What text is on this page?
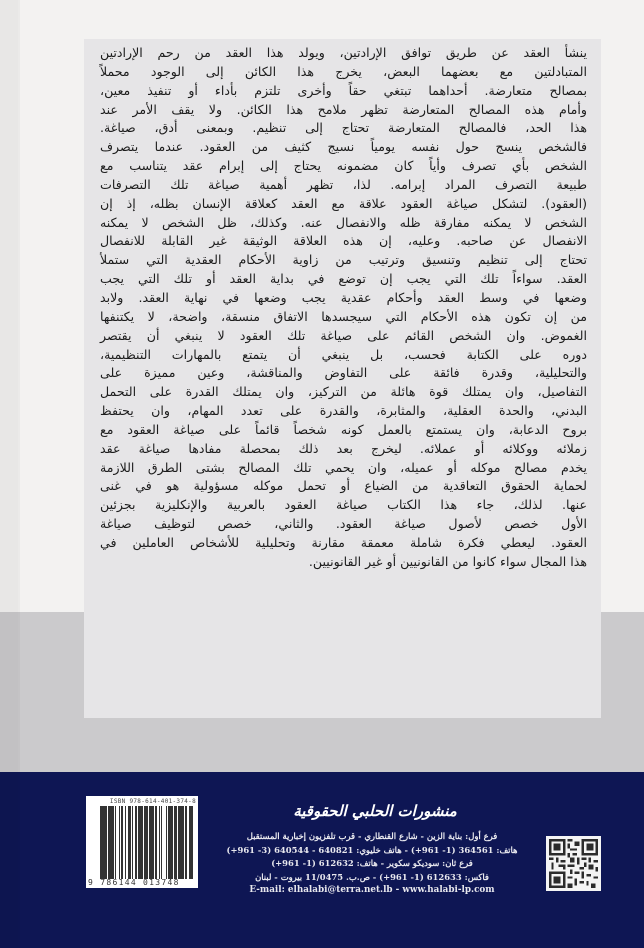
ينشأ العقد عن طريق توافق الإرادتين، ويولد هذا العقد من رحم الإرادتين
المتبادلتين مع بعضهما البعض، يخرج هذا الكائن إلى الوجود محملاً
بمصالح متعارضة. أحداهما تبتغي حقاً وأخرى تلتزم بأداء أو تنفيذ معين،
وأمام هذه المصالح المتعارضة تظهر ملامح هذا الكائن. ولا يقف الأمر عند
هذا الحد، فالمصالح المتعارضة تحتاج إلى تنظيم. وبمعنى أدق، صياغة.
فالشخص ينسج حول نفسه يومياً نسيج كثيف من العقود. عندما يتصرف
الشخص بأي تصرف وأياً كان مضمونه يحتاج إلى إبرام عقد يتناسب مع
طبيعة التصرف المراد إبرامه. لذا، تظهر أهمية صياغة تلك التصرفات
(العقود). لتشكل صياغة العقود علاقة مع العقد كعلاقة الإنسان بظله، إذ إن
الشخص لا يمكنه مفارقة ظله والانفصال عنه. وكذلك، ظل الشخص لا يمكنه
الانفصال عن صاحبه. وعليه، إن هذه العلاقة الوثيقة غير القابلة للانفصال
تحتاج إلى تنظيم وتنسيق وترتيب من زاوية الأحكام العقدية التي ستملأ
العقد. سواءاً تلك التي يجب إن توضع في بداية العقد أو تلك التي يجب
وضعها في وسط العقد وأحكام عقدية يجب وضعها في نهاية العقد. ولابد
من إن تكون هذه الأحكام التي سيجسدها الاتفاق منسقة، واضحة، لا يكتنفها
الغموض. وان الشخص القائم على صياغة تلك العقود لا ينبغي أن يقتصر
دوره على الكتابة فحسب، بل ينبغي أن يتمتع بالمهارات التنظيمية،
والتحليلية، وقدرة فائقة على التفاوض والمناقشة، وعين مميزة على
التفاصيل، وان يمتلك قوة هائلة من التركيز، وان يمتلك القدرة على التحمل
البدني، والحدة العقلية، والمثابرة، والقدرة على تعدد المهام، وان يحتفظ
بروح الدعابة، وان يستمتع بالعمل كونه شخصاً قائماً على صياغة العقود مع
زملائه ووكلائه أو عملائه. ليخرج بعد ذلك بمحصلة مفادها صياغة عقد
يخدم مصالح موكله أو عميله، وان يحمي تلك المصالح بشتى الطرق اللازمة
لحماية الحقوق التعاقدية من الضياع أو تحمل موكله مسؤولية هو في غنى
عنها. لذلك، جاء هذا الكتاب صياغة العقود بالعربية والإنكليزية بجزئين
الأول خصص لأصول صياغة العقود. والثاني، خصص لتوظيف صياغة
العقود. ليعطي فكرة شاملة معمقة مقارنة وتحليلية للأشخاص العاملين في
هذا المجال سواء كانوا من القانونيين أو غير القانونيين.
منشورات الحلبي الحقوقية
فرع أول: بناية الزين - شارع القنطاري - قرب تلفزيون إخبارية المستقبل
هاتف: 364561 (1- 961+) - هاتف خليوي: 640821 - 640544 (3- 961+)
فرع ثان: سوديكو سكوير - هاتف: 612632 (1- 961+)
فاكس: 612633 (1- 961+) - ص.ب. 11/0475 بيروت - لبنان
E-mail: elhalabi@terra.net.lb - www.halabi-lp.com
ISBN 978-614-401-374-8
9 786144 013748
